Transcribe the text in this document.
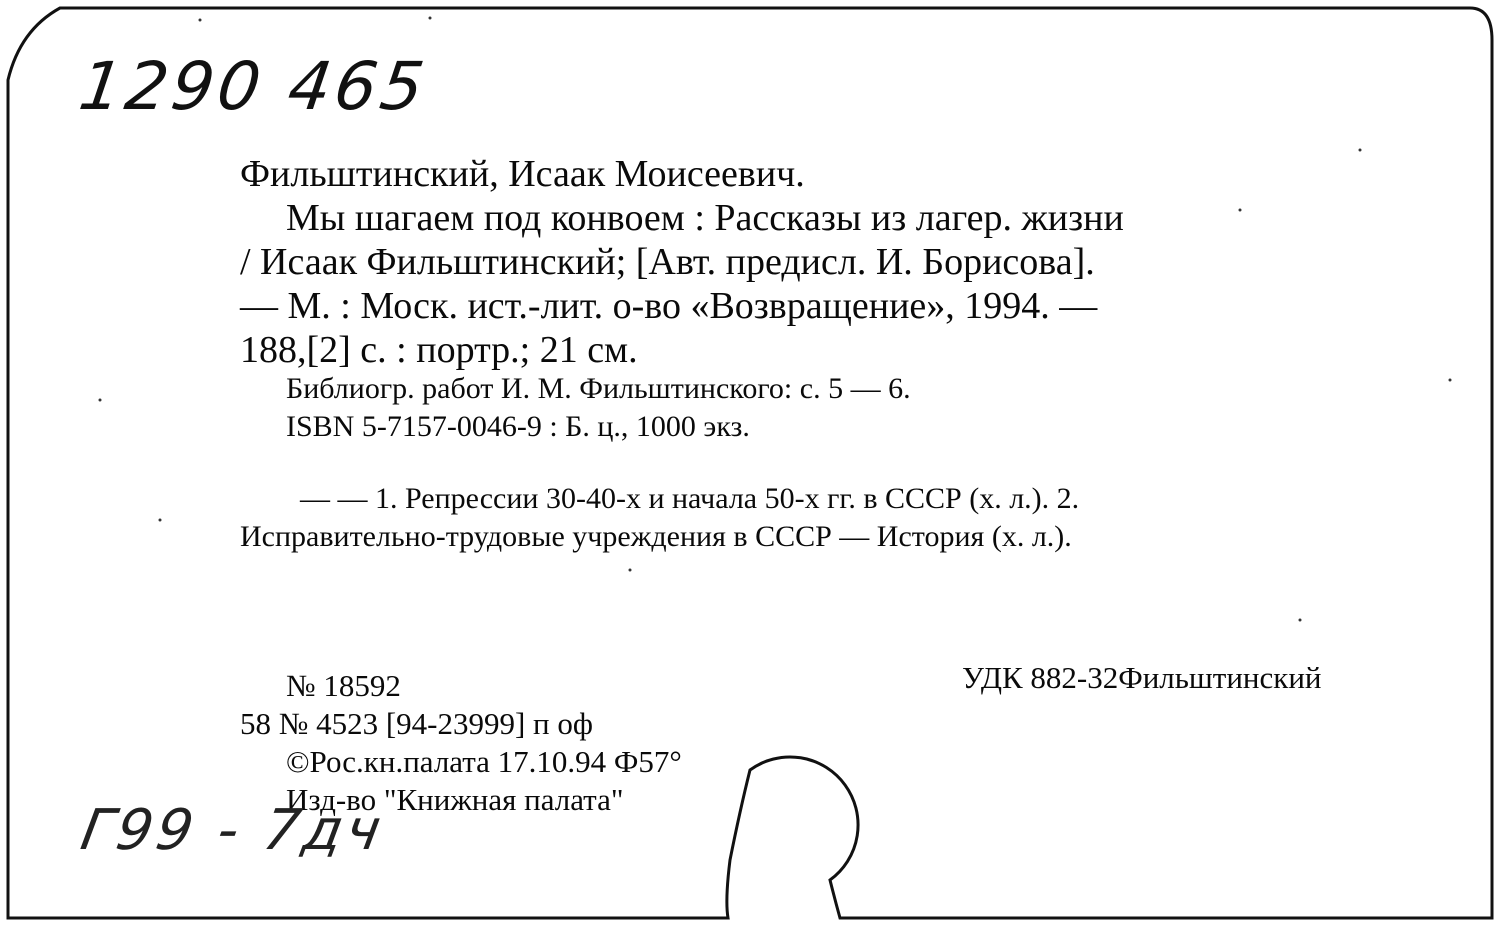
1290 465
Фильштинский, Исаак Моисеевич.
Мы шагаем под конвоем : Рассказы из лагер. жизни
/ Исаак Фильштинский; [Авт. предисл. И. Борисова].
— М. : Моск. ист.-лит. о-во «Возвращение», 1994. —
188,[2] с. : портр.; 21 см.
Библиогр. работ И. М. Фильштинского: с. 5 — 6.
ISBN 5-7157-0046-9 : Б. ц., 1000 экз.
— — 1. Репрессии 30-40-х и начала 50-х гг. в СССР (х. л.). 2.
Исправительно-трудовые учреждения в СССР — История (х. л.).
№ 18592	УДК 882-32Фильштинский
58 № 4523 [94-23999] п оф
©Рос.кн.палата 17.10.94 Ф57°
Изд-во "Книжная палата"
Г99 - 7дч
